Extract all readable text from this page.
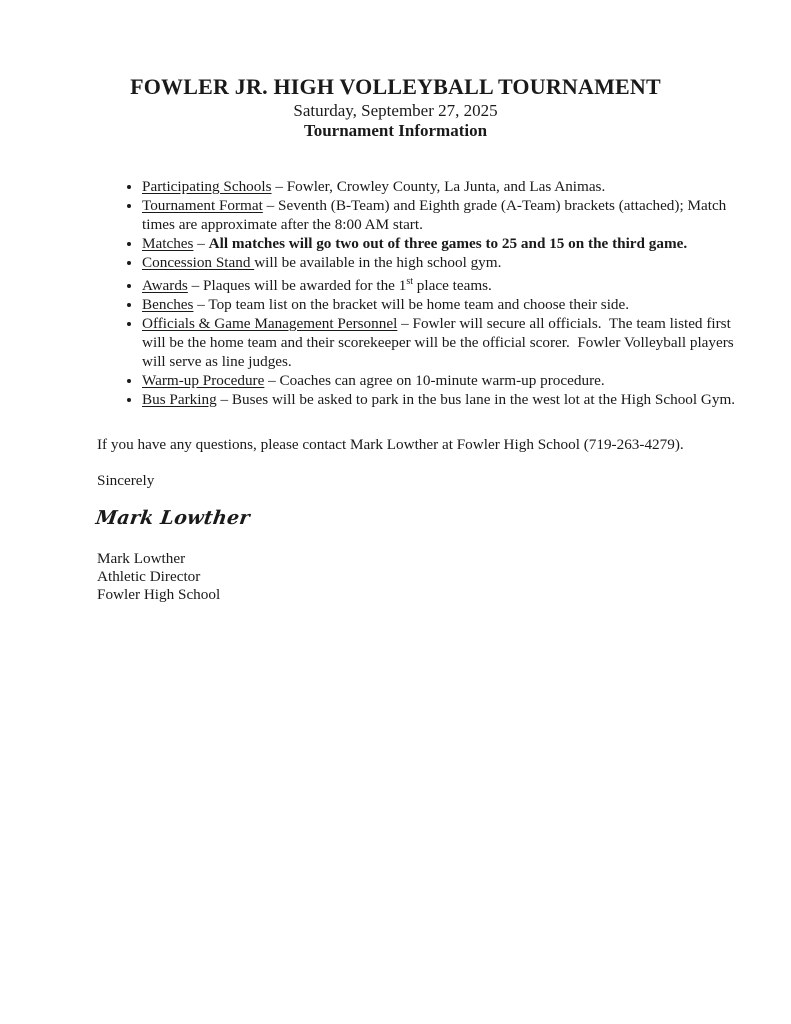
FOWLER JR. HIGH VOLLEYBALL TOURNAMENT
Saturday, September 27, 2025
Tournament Information
• Participating Schools – Fowler, Crowley County, La Junta, and Las Animas.
• Tournament Format – Seventh (B-Team) and Eighth grade (A-Team) brackets (attached); Match times are approximate after the 8:00 AM start.
• Matches – All matches will go two out of three games to 25 and 15 on the third game.
• Concession Stand will be available in the high school gym.
• Awards – Plaques will be awarded for the 1st place teams.
• Benches – Top team list on the bracket will be home team and choose their side.
• Officials & Game Management Personnel – Fowler will secure all officials.  The team listed first will be the home team and their scorekeeper will be the official scorer.  Fowler Volleyball players will serve as line judges.
• Warm-up Procedure – Coaches can agree on 10-minute warm-up procedure.
• Bus Parking – Buses will be asked to park in the bus lane in the west lot at the High School Gym.

If you have any questions, please contact Mark Lowther at Fowler High School (719-263-4279).

Sincerely

Mark Lowther
Mark Lowther
Athletic Director
Fowler High School
